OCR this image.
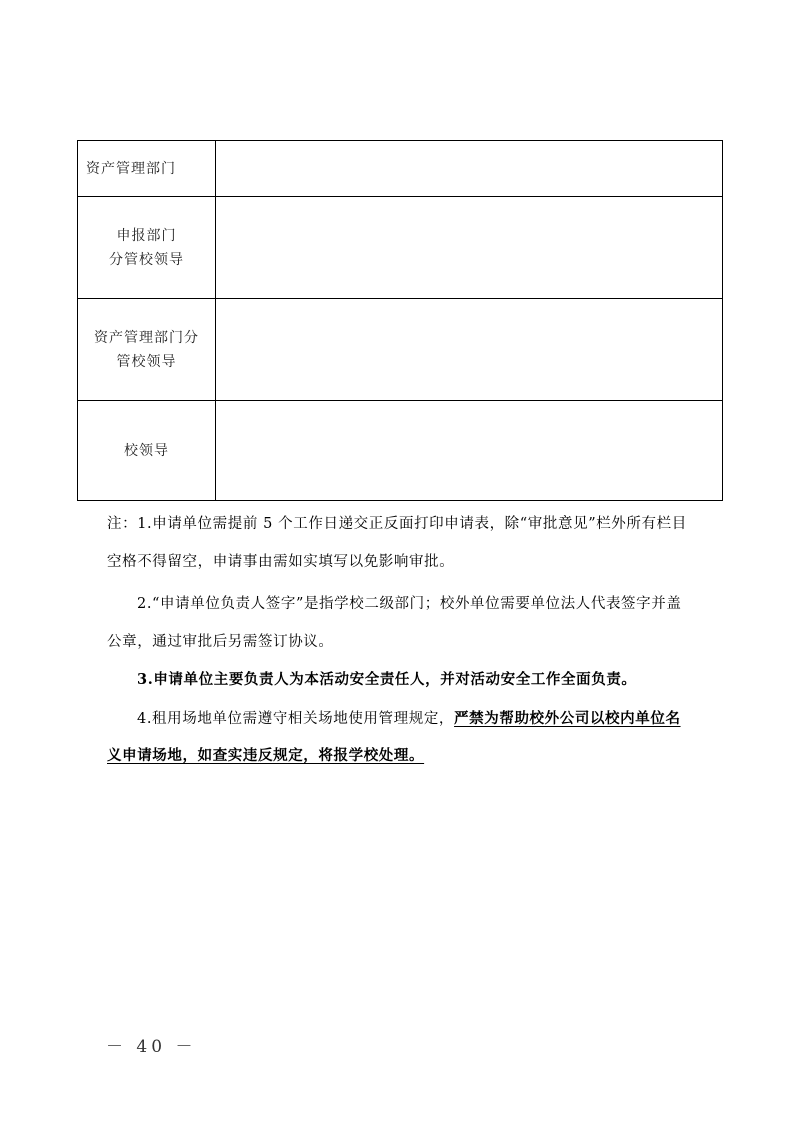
资产管理部门	

申报部门
分管校领导	

资产管理部门分
管校领导	

校领导	

注：1.申请单位需提前 5 个工作日递交正反面打印申请表，除“审批意见”栏外所有栏目
空格不得留空，申请事由需如实填写以免影响审批。
2.“申请单位负责人签字”是指学校二级部门；校外单位需要单位法人代表签字并盖
公章，通过审批后另需签订协议。
3.申请单位主要负责人为本活动安全责任人，并对活动安全工作全面负责。
4.租用场地单位需遵守相关场地使用管理规定，严禁为帮助校外公司以校内单位名
义申请场地，如查实违反规定，将报学校处理。
－ 40 －
